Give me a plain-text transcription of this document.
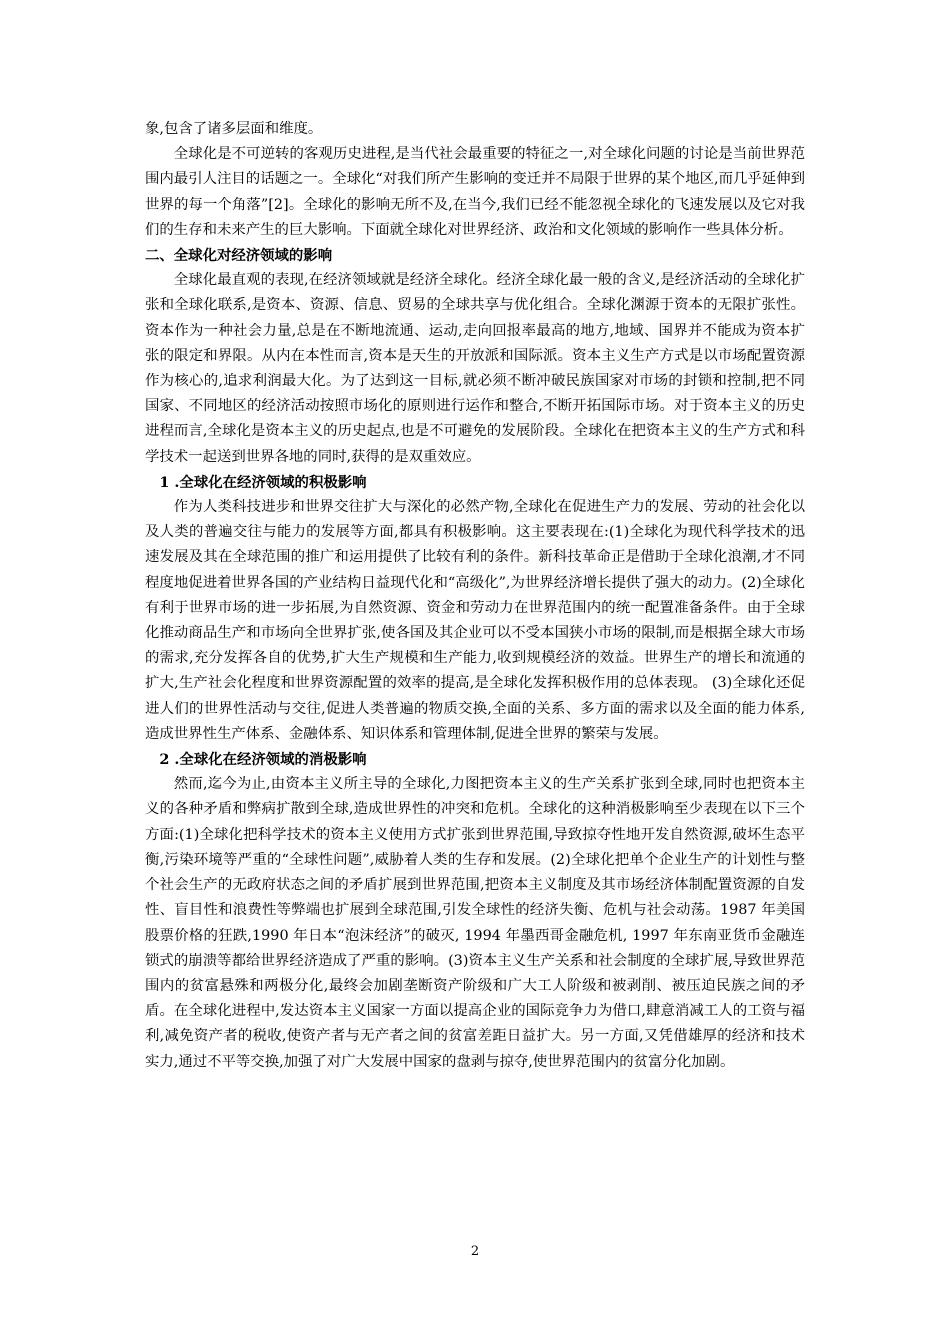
象,包含了诸多层面和维度。

全球化是不可逆转的客观历史进程,是当代社会最重要的特征之一,对全球化问题的讨论是当前世界范围内最引人注目的话题之一。全球化“对我们所产生影响的变迁并不局限于世界的某个地区,而几乎延伸到世界的每一个角落”[2]。全球化的影响无所不及,在当今,我们已经不能忽视全球化的飞速发展以及它对我们的生存和未来产生的巨大影响。下面就全球化对世界经济、政治和文化领域的影响作一些具体分析。

二、全球化对经济领域的影响

全球化最直观的表现,在经济领域就是经济全球化。经济全球化最一般的含义,是经济活动的全球化扩张和全球化联系,是资本、资源、信息、贸易的全球共享与优化组合。全球化渊源于资本的无限扩张性。资本作为一种社会力量,总是在不断地流通、运动,走向回报率最高的地方,地域、国界并不能成为资本扩张的限定和界限。从内在本性而言,资本是天生的开放派和国际派。资本主义生产方式是以市场配置资源作为核心的,追求利润最大化。为了达到这一目标,就必须不断冲破民族国家对市场的封锁和控制,把不同国家、不同地区的经济活动按照市场化的原则进行运作和整合,不断开拓国际市场。对于资本主义的历史进程而言,全球化是资本主义的历史起点,也是不可避免的发展阶段。全球化在把资本主义的生产方式和科学技术一起送到世界各地的同时,获得的是双重效应。

1 .全球化在经济领域的积极影响

作为人类科技进步和世界交往扩大与深化的必然产物,全球化在促进生产力的发展、劳动的社会化以及人类的普遍交往与能力的发展等方面,都具有积极影响。这主要表现在:(1)全球化为现代科学技术的迅速发展及其在全球范围的推广和运用提供了比较有利的条件。新科技革命正是借助于全球化浪潮,才不同程度地促进着世界各国的产业结构日益现代化和“高级化”,为世界经济增长提供了强大的动力。(2)全球化有利于世界市场的进一步拓展,为自然资源、资金和劳动力在世界范围内的统一配置准备条件。由于全球化推动商品生产和市场向全世界扩张,使各国及其企业可以不受本国狭小市场的限制,而是根据全球大市场的需求,充分发挥各自的优势,扩大生产规模和生产能力,收到规模经济的效益。世界生产的增长和流通的扩大,生产社会化程度和世界资源配置的效率的提高,是全球化发挥积极作用的总体表现。 (3)全球化还促进人们的世界性活动与交往,促进人类普遍的物质交换,全面的关系、多方面的需求以及全面的能力体系,造成世界性生产体系、金融体系、知识体系和管理体制,促进全世界的繁荣与发展。

2 .全球化在经济领域的消极影响

然而,迄今为止,由资本主义所主导的全球化,力图把资本主义的生产关系扩张到全球,同时也把资本主义的各种矛盾和弊病扩散到全球,造成世界性的冲突和危机。全球化的这种消极影响至少表现在以下三个方面:(1)全球化把科学技术的资本主义使用方式扩张到世界范围,导致掠夺性地开发自然资源,破坏生态平衡,污染环境等严重的“全球性问题”,威胁着人类的生存和发展。(2)全球化把单个企业生产的计划性与整个社会生产的无政府状态之间的矛盾扩展到世界范围,把资本主义制度及其市场经济体制配置资源的自发性、盲目性和浪费性等弊端也扩展到全球范围,引发全球性的经济失衡、危机与社会动荡。1987 年美国股票价格的狂跌,1990 年日本“泡沫经济”的破灭, 1994 年墨西哥金融危机, 1997 年东南亚货币金融连锁式的崩溃等都给世界经济造成了严重的影响。(3)资本主义生产关系和社会制度的全球扩展,导致世界范围内的贫富悬殊和两极分化,最终会加剧垄断资产阶级和广大工人阶级和被剥削、被压迫民族之间的矛盾。在全球化进程中,发达资本主义国家一方面以提高企业的国际竞争力为借口,肆意消减工人的工资与福利,减免资产者的税收,使资产者与无产者之间的贫富差距日益扩大。另一方面,又凭借雄厚的经济和技术实力,通过不平等交换,加强了对广大发展中国家的盘剥与掠夺,使世界范围内的贫富分化加剧。

2
